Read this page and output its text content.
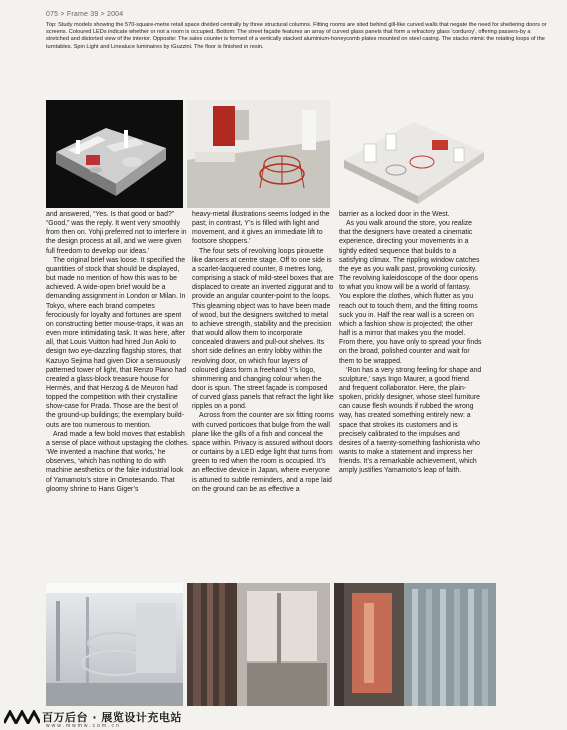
075 > Frame 39 > 2004
Top: Study models showing the 570-square-metre retail space divided centrally by three structural columns. Fitting rooms are sited behind gill-like curved walls that negate the need for sheltering doors or screens. Coloured LEDs indicate whether or not a room is occupied. Bottom: The street façade features an array of curved glass panels that form a refractory glass 'corduroy', offering passers-by a stretched and distorted view of the interior. Opposite: The sales counter is formed of a vertically stacked aluminium-honeycomb plates mounted on steel casing. The stacks mimic the rotating loops of the turntables. Spin Light and Linealuce luminaires by iGuzzini. The floor is finished in resin.

and answered, “Yes. Is that good or bad?” “Good,” was the reply. It went very smoothly from then on. Yohji preferred not to interfere in the design process at all, and we were given full freedom to develop our ideas.’

The original brief was loose. It specified the quantities of stock that should be displayed, but made no mention of how this was to be achieved. A wide-open brief would be a demanding assignment in London or Milan. In Tokyo, where each brand competes ferociously for loyalty and fortunes are spent on constructing better mouse-traps, it was an even more intimidating task. It was here, after all, that Louis Vuitton had hired Jun Aoki to design two eye-dazzling flagship stores, that Kazuyo Sejima had given Dior a sensuously patterned tower of light, that Renzo Piano had created a glass-block treasure house for Hermès, and that Herzog & de Meuron had topped the competition with their crystalline show-case for Prada. Those are the best of the ground-up buildings; the exemplary build-outs are too numerous to mention.

Arad made a few bold moves that establish a sense of place without upstaging the clothes. ‘We invented a machine that works,’ he observes, ‘which has nothing to do with machine aesthetics or the fake industrial look of Yamamoto’s store in Omotesando. That gloomy shrine to Hans Giger’s

heavy-metal illustrations seems lodged in the past; in contrast, Y’s is filled with light and movement, and it gives an immediate lift to footsore shoppers.’

The four sets of revolving loops pirouette like dancers at centre stage. Off to one side is a scarlet-lacquered counter, 8 metres long, comprising a stack of mild-steel boxes that are displaced to create an inverted ziggurat and to provide an angular counter-point to the loops. This gleaming object was to have been made of wood, but the designers switched to metal to achieve strength, stability and the precision that would allow them to incorporate concealed drawers and pull-out shelves. Its short side defines an entry lobby within the revolving door, on which four layers of coloured glass form a freehand Y’s logo, shimmering and changing colour when the door is spun. The street façade is composed of curved glass panels that refract the light like ripples on a pond.

Across from the counter are six fitting rooms with curved porticoes that bulge from the wall plane like the gills of a fish and conceal the space within. Privacy is assured without doors or curtains by a LED edge light that turns from green to red when the room is occupied. It’s an effective device in Japan, where everyone is attuned to subtle reminders, and a rope laid on the ground can be as effective a

barrier as a locked door in the West.

As you walk around the store, you realize that the designers have created a cinematic experience, directing your movements in a tightly edited sequence that builds to a satisfying climax. The rippling window catches the eye as you walk past, provoking curiosity. The revolving kaleidoscope of the door opens to what you know will be a world of fantasy. You explore the clothes, which flutter as you reach out to touch them, and the fitting rooms suck you in. Half the rear wall is a screen on which a fashion show is projected; the other half is a mirror that makes you the model. From there, you have only to spread your finds on the broad, polished counter and wait for them to be wrapped.

‘Ron has a very strong feeling for shape and sculpture,’ says Ingo Maurer, a good friend and frequent collaborator. Here, the plain-spoken, prickly designer, whose steel furniture can cause flesh wounds if rubbed the wrong way, has created something entirely new: a space that strokes its customers and is precisely calibrated to the impulses and desires of a twenty-something fashionista who wants to make a statement and impress her friends. It’s a remarkable achievement, which amply justifies Yamamoto’s leap of faith.

百万后台 · 展览设计充电站
www.mwmw.com.cn
